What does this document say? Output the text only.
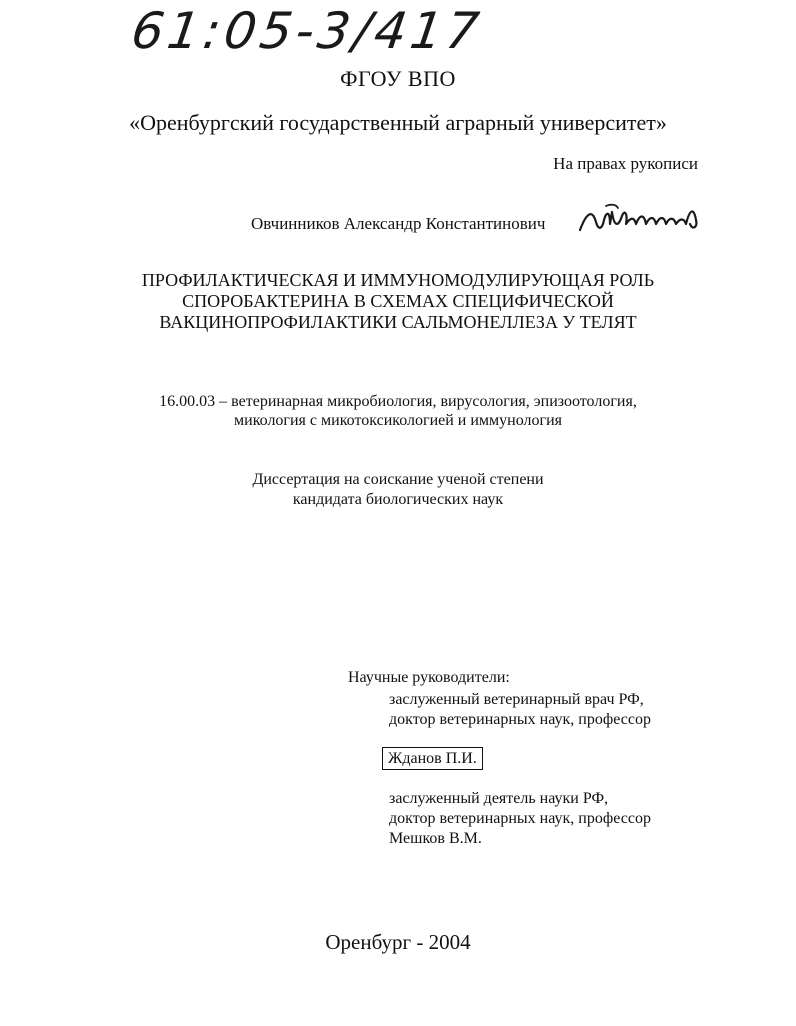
61:05-3/417
ФГОУ ВПО
«Оренбургский государственный аграрный университет»
На правах рукописи
Овчинников Александр Константинович
ПРОФИЛАКТИЧЕСКАЯ И ИММУНОМОДУЛИРУЮЩАЯ РОЛЬ
СПОРОБАКТЕРИНА В СХЕМАХ СПЕЦИФИЧЕСКОЙ
ВАКЦИНОПРОФИЛАКТИКИ САЛЬМОНЕЛЛЕЗА У ТЕЛЯТ
16.00.03 – ветеринарная микробиология, вирусология, эпизоотология,
микология с микотоксикологией и иммунология
Диссертация на соискание ученой степени
кандидата биологических наук
Научные руководители:
заслуженный ветеринарный врач РФ,
доктор ветеринарных наук, профессор
Жданов П.И.
заслуженный деятель науки РФ,
доктор ветеринарных наук, профессор
Мешков В.М.
Оренбург - 2004
